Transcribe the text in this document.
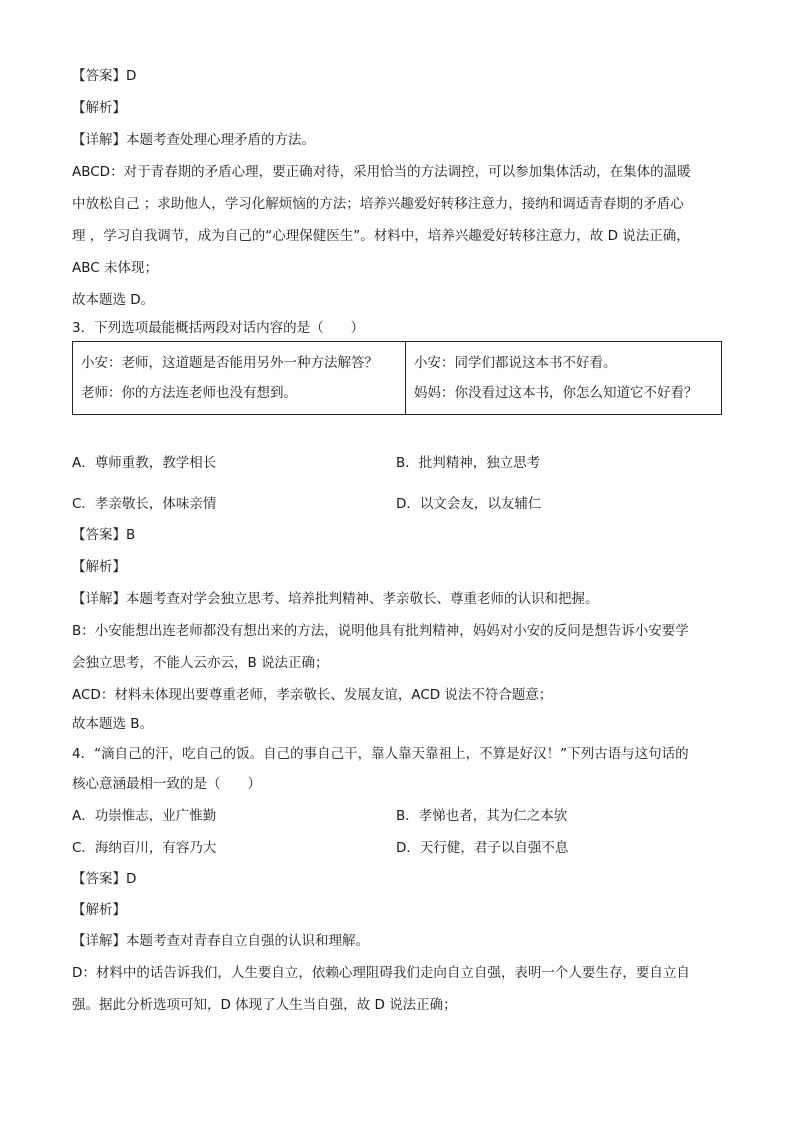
【答案】D
【解析】
【详解】本题考查处理心理矛盾的方法。
ABCD：对于青春期的矛盾心理，要正确对待，采用恰当的方法调控，可以参加集体活动，在集体的温暖
中放松自己 ；求助他人，学习化解烦恼的方法；培养兴趣爱好转移注意力，接纳和调适青春期的矛盾心
理 ，学习自我调节，成为自己的“心理保健医生”。材料中，培养兴趣爱好转移注意力，故 D 说法正确，
ABC 未体现；
故本题选 D。
3．下列选项最能概括两段对话内容的是（　　）
小安：老师，这道题是否能用另外一种方法解答？
老师：你的方法连老师也没有想到。

小安：同学们都说这本书不好看。
妈妈：你没看过这本书，你怎么知道它不好看？
A．尊师重教，教学相长	B．批判精神，独立思考
C．孝亲敬长，体味亲情	D．以文会友，以友辅仁
【答案】B
【解析】
【详解】本题考查对学会独立思考、培养批判精神、孝亲敬长、尊重老师的认识和把握。
B：小安能想出连老师都没有想出来的方法，说明他具有批判精神，妈妈对小安的反问是想告诉小安要学
会独立思考，不能人云亦云，B 说法正确；
ACD：材料未体现出要尊重老师，孝亲敬长、发展友谊，ACD 说法不符合题意；
故本题选 B。
4．“滴自己的汗，吃自己的饭。自己的事自己干，靠人靠天靠祖上，不算是好汉！”下列古语与这句话的
核心意涵最相一致的是（　　）
A．功崇惟志，业广惟勤	B．孝悌也者，其为仁之本欤
C．海纳百川，有容乃大	D．天行健，君子以自强不息
【答案】D
【解析】
【详解】本题考查对青春自立自强的认识和理解。
D：材料中的话告诉我们，人生要自立，依赖心理阻碍我们走向自立自强，表明一个人要生存，要自立自
强。据此分析选项可知，D 体现了人生当自强，故 D 说法正确；
